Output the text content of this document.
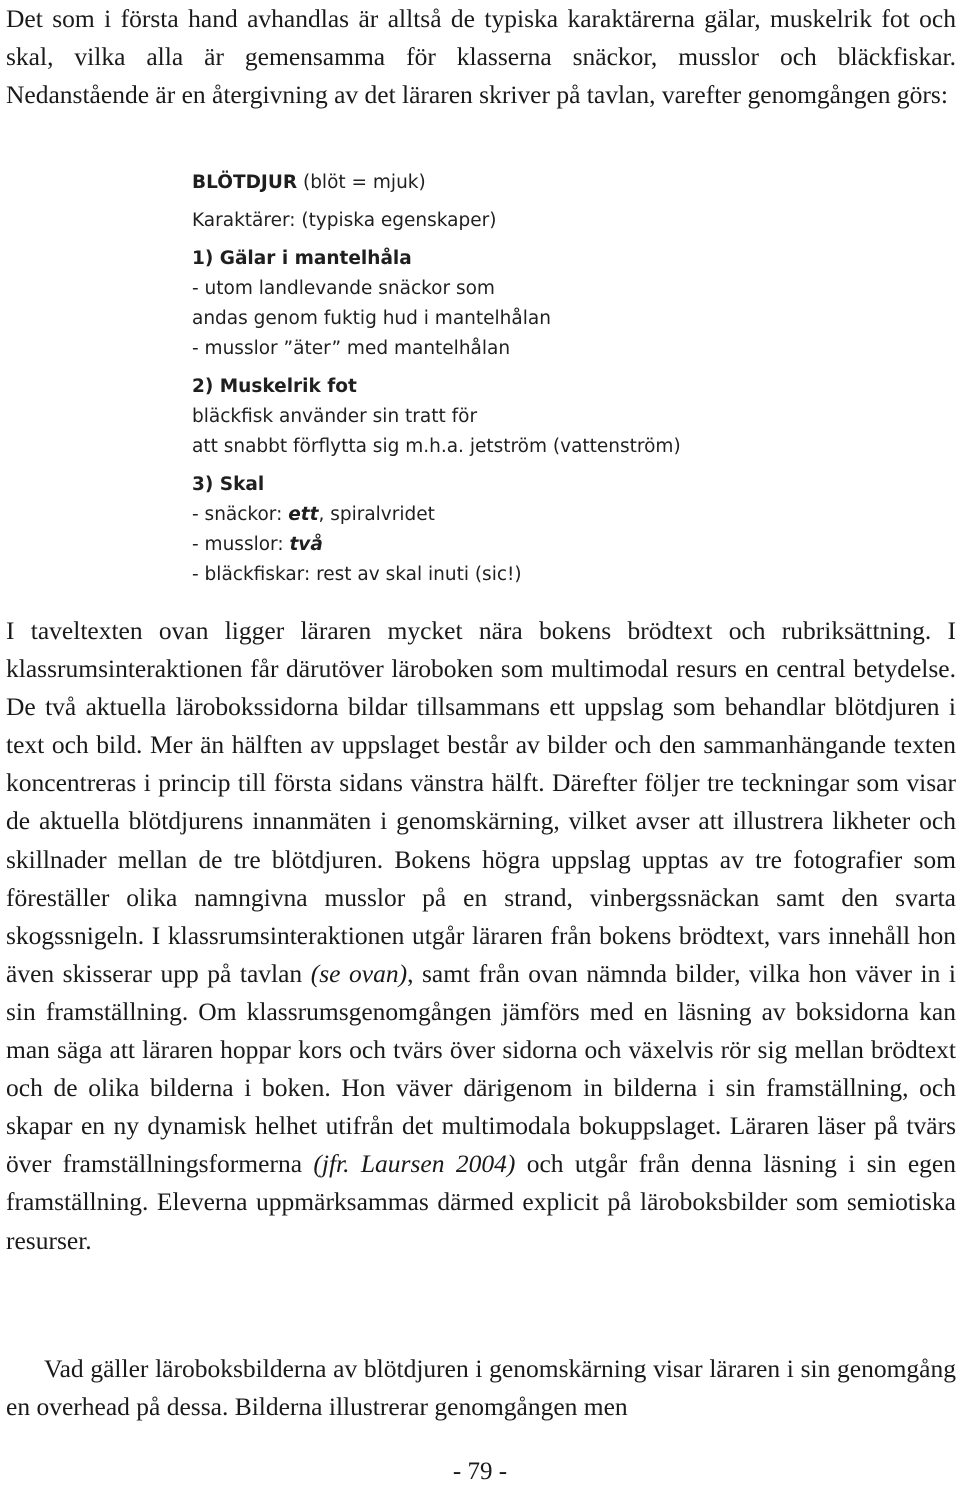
Det som i första hand avhandlas är alltså de typiska karaktärerna gälar, muskelrik fot och skal, vilka alla är gemensamma för klasserna snäckor, musslor och bläckfiskar. Nedanstående är en återgivning av det läraren skriver på tavlan, varefter genomgången görs:

BLÖTDJUR (blöt = mjuk)
Karaktärer: (typiska egenskaper)
1) Gälar i mantelhåla
- utom landlevande snäckor som
andas genom fuktig hud i mantelhålan
- musslor ”äter” med mantelhålan
2) Muskelrik fot
bläckfisk använder sin tratt för
att snabbt förflytta sig m.h.a. jetström (vattenström)
3) Skal
- snäckor: ett, spiralvridet
- musslor: två
- bläckfiskar: rest av skal inuti (sic!)

I taveltexten ovan ligger läraren mycket nära bokens brödtext och rubriksättning. I klassrumsinteraktionen får därutöver läroboken som multimodal resurs en central betydelse. De två aktuella lärobokssidorna bildar tillsammans ett uppslag som behandlar blötdjuren i text och bild. Mer än hälften av uppslaget består av bilder och den sammanhängande texten koncentreras i princip till första sidans vänstra hälft. Därefter följer tre teckningar som visar de aktuella blötdjurens innanmäten i genomskärning, vilket avser att illustrera likheter och skillnader mellan de tre blötdjuren. Bokens högra uppslag upptas av tre fotografier som föreställer olika namngivna musslor på en strand, vinbergssnäckan samt den svarta skogssnigeln. I klassrumsinteraktionen utgår läraren från bokens brödtext, vars innehåll hon även skisserar upp på tavlan (se ovan), samt från ovan nämnda bilder, vilka hon väver in i sin framställning. Om klassrumsgenomgången jämförs med en läsning av boksidorna kan man säga att läraren hoppar kors och tvärs över sidorna och växelvis rör sig mellan brödtext och de olika bilderna i boken. Hon väver därigenom in bilderna i sin framställning, och skapar en ny dynamisk helhet utifrån det multimodala bokuppslaget. Läraren läser på tvärs över framställningsformerna (jfr. Laursen 2004) och utgår från denna läsning i sin egen framställning. Eleverna uppmärksammas därmed explicit på läroboksbilder som semiotiska resurser.

Vad gäller läroboksbilderna av blötdjuren i genomskärning visar läraren i sin genomgång en overhead på dessa. Bilderna illustrerar genomgången men

- 79 -
